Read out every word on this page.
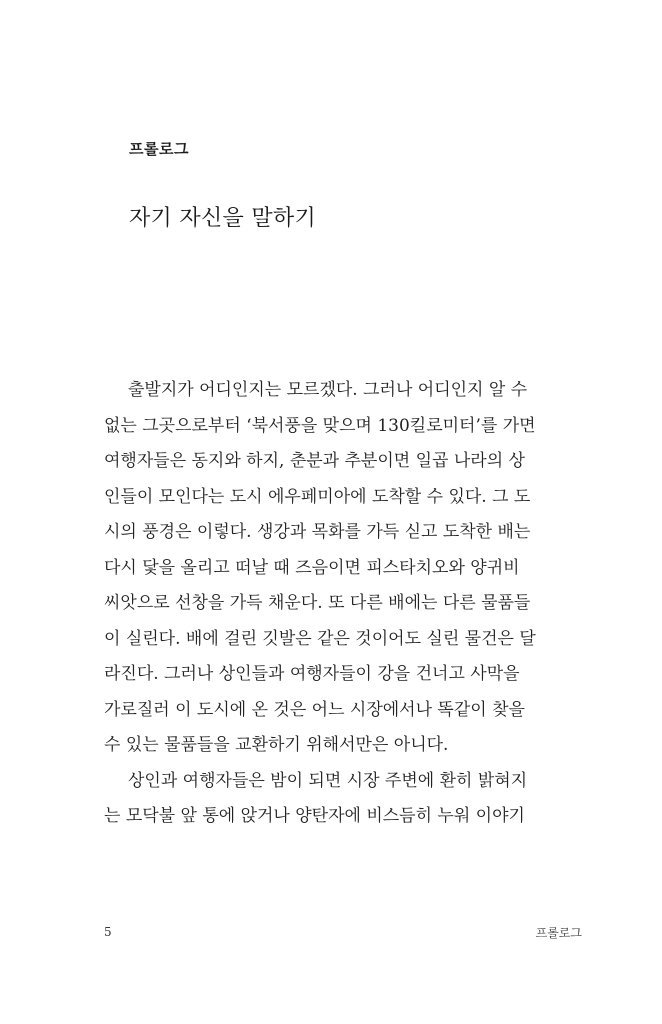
프롤로그
자기 자신을 말하기
출발지가 어디인지는 모르겠다. 그러나 어디인지 알 수
없는 그곳으로부터 ‘북서풍을 맞으며 130킬로미터’를 가면
여행자들은 동지와 하지, 춘분과 추분이면 일곱 나라의 상
인들이 모인다는 도시 에우페미아에 도착할 수 있다. 그 도
시의 풍경은 이렇다. 생강과 목화를 가득 싣고 도착한 배는
다시 닻을 올리고 떠날 때 즈음이면 피스타치오와 양귀비
씨앗으로 선창을 가득 채운다. 또 다른 배에는 다른 물품들
이 실린다. 배에 걸린 깃발은 같은 것이어도 실린 물건은 달
라진다. 그러나 상인들과 여행자들이 강을 건너고 사막을
가로질러 이 도시에 온 것은 어느 시장에서나 똑같이 찾을
수 있는 물품들을 교환하기 위해서만은 아니다.
상인과 여행자들은 밤이 되면 시장 주변에 환히 밝혀지
는 모닥불 앞 통에 앉거나 양탄자에 비스듬히 누워 이야기
5	프롤로그
